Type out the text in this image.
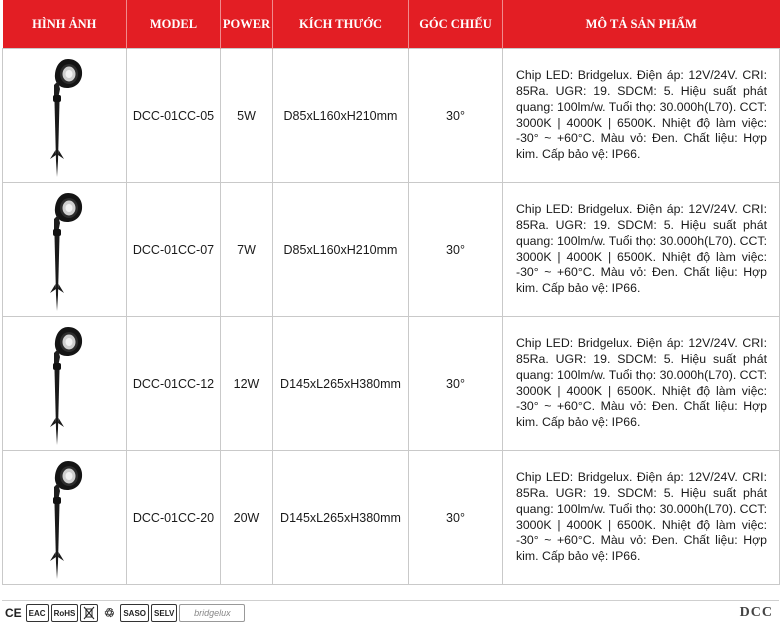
HÌNH ẢNH	MODEL	POWER	KÍCH THƯỚC	GÓC CHIẾU	MÔ TẢ SẢN PHẨM

	DCC-01CC-05	5W	D85xL160xH210mm	30°	Chip LED: Bridgelux. Điện áp: 12V/24V. CRI: 85Ra. UGR: 19. SDCM: 5. Hiệu suất phát quang: 100lm/w. Tuổi thọ: 30.000h(L70). CCT: 3000K | 4000K | 6500K. Nhiệt độ làm việc: -30° ~ +60°C. Màu vỏ: Đen. Chất liệu: Hợp kim. Cấp bảo vệ: IP66.

	DCC-01CC-07	7W	D85xL160xH210mm	30°	Chip LED: Bridgelux. Điện áp: 12V/24V. CRI: 85Ra. UGR: 19. SDCM: 5. Hiệu suất phát quang: 100lm/w. Tuổi thọ: 30.000h(L70). CCT: 3000K | 4000K | 6500K. Nhiệt độ làm việc: -30° ~ +60°C. Màu vỏ: Đen. Chất liệu: Hợp kim. Cấp bảo vệ: IP66.

	DCC-01CC-12	12W	D145xL265xH380mm	30°	Chip LED: Bridgelux. Điện áp: 12V/24V. CRI: 85Ra. UGR: 19. SDCM: 5. Hiệu suất phát quang: 100lm/w. Tuổi thọ: 30.000h(L70). CCT: 3000K | 4000K | 6500K. Nhiệt độ làm việc: -30° ~ +60°C. Màu vỏ: Đen. Chất liệu: Hợp kim. Cấp bảo vệ: IP66.

	DCC-01CC-20	20W	D145xL265xH380mm	30°	Chip LED: Bridgelux. Điện áp: 12V/24V. CRI: 85Ra. UGR: 19. SDCM: 5. Hiệu suất phát quang: 100lm/w. Tuổi thọ: 30.000h(L70). CCT: 3000K | 4000K | 6500K. Nhiệt độ làm việc: -30° ~ +60°C. Màu vỏ: Đen. Chất liệu: Hợp kim. Cấp bảo vệ: IP66.
CE EAC	RoHS	♲	SASO	SELV	bridgelux	DCC
